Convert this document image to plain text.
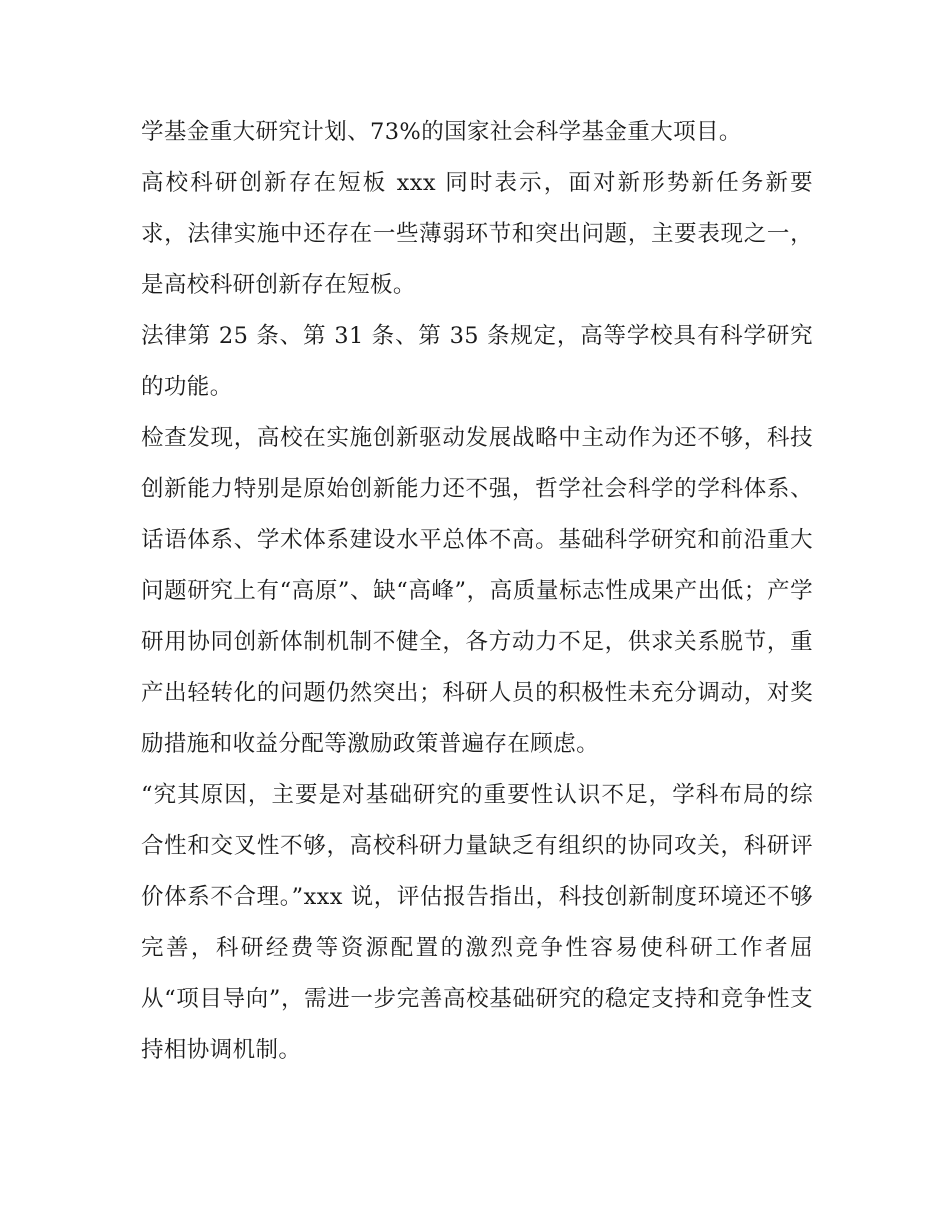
学基金重大研究计划、73%的国家社会科学基金重大项目。

高校科研创新存在短板 xxx 同时表示，面对新形势新任务新要求，法律实施中还存在一些薄弱环节和突出问题，主要表现之一，是高校科研创新存在短板。

法律第 25 条、第 31 条、第 35 条规定，高等学校具有科学研究的功能。

检查发现，高校在实施创新驱动发展战略中主动作为还不够，科技创新能力特别是原始创新能力还不强，哲学社会科学的学科体系、话语体系、学术体系建设水平总体不高。基础科学研究和前沿重大问题研究上有“高原”、缺“高峰”，高质量标志性成果产出低；产学研用协同创新体制机制不健全，各方动力不足，供求关系脱节，重产出轻转化的问题仍然突出；科研人员的积极性未充分调动，对奖励措施和收益分配等激励政策普遍存在顾虑。

“究其原因，主要是对基础研究的重要性认识不足，学科布局的综合性和交叉性不够，高校科研力量缺乏有组织的协同攻关，科研评价体系不合理。”xxx 说，评估报告指出，科技创新制度环境还不够完善，科研经费等资源配置的激烈竞争性容易使科研工作者屈从“项目导向”，需进一步完善高校基础研究的稳定支持和竞争性支持相协调机制。
